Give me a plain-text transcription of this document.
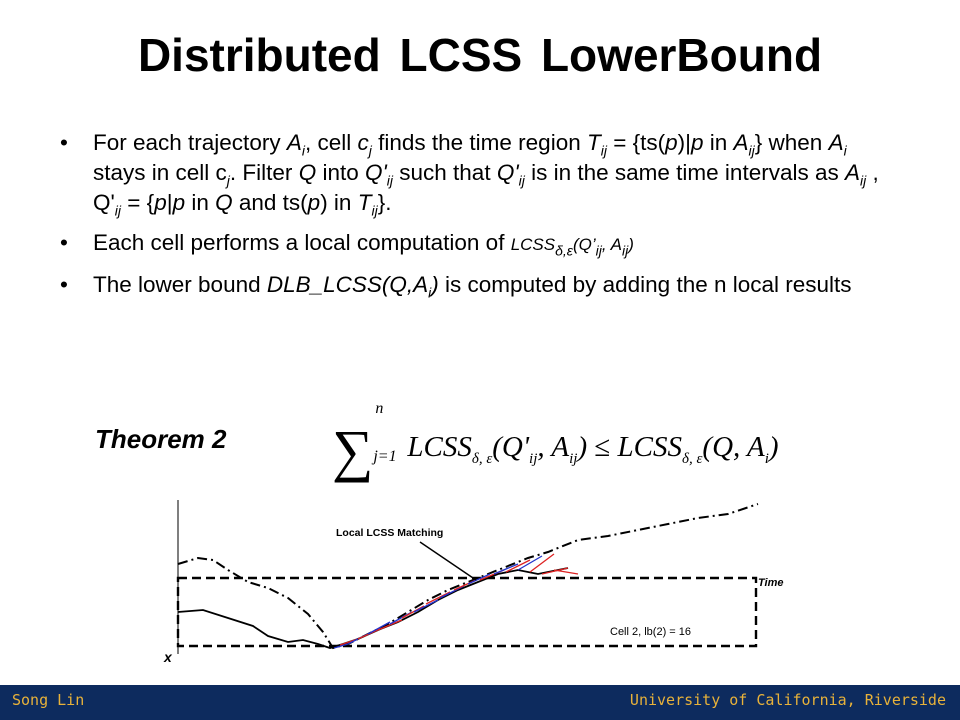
Distributed LCSS LowerBound
• For each trajectory $A_i$, cell $c_j$ finds the time region $T_{ij} = \{ts(p)|p$ in $A_{ij}$} when $A_i$ stays in cell $c_j$. Filter Q into $Q'_{ij}$ such that $Q'_{ij}$ is in the same time intervals as $A_{ij}$ , $Q'_{ij} = \{p|p$ in Q and ts(p) in $T_{ij}$}.
• Each cell performs a local computation of $LCSS_{\delta,\varepsilon}(Q’_{ij}$, $A_{ij}$)
• The lower bound $DLB\_LCSS(Q,A_i)$ is computed by adding the n local results
Theorem 2 ∑
n
j=1 $LCSS_{\delta, \varepsilon}(Q'_{ij}$, $A_{ij}$) ≤ $LCSS_{\delta, \varepsilon}(Q$, $A_i$)
Local LCSS Matching
Time
Cell 2, lb(2) = 16
x
Song Lin	University of California, Riverside
